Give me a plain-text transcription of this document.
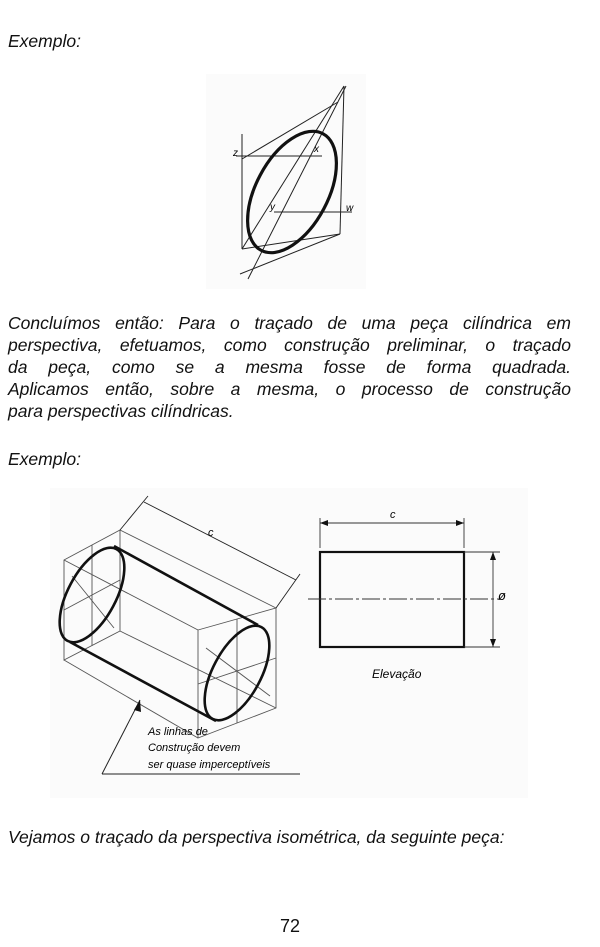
Exemplo:

z	x
y	w

Concluímos então: Para o traçado de uma peça cilíndrica em

perspectiva, efetuamos, como construção preliminar, o traçado

da peça, como se a mesma fosse de forma quadrada.

Aplicamos então, sobre a mesma, o processo de construção

para perspectivas cilíndricas.

Exemplo:

c
c
ø
Elevação
As linhas de
Construção devem
ser quase imperceptíveis

Vejamos o traçado da perspectiva isométrica, da seguinte peça:

72
